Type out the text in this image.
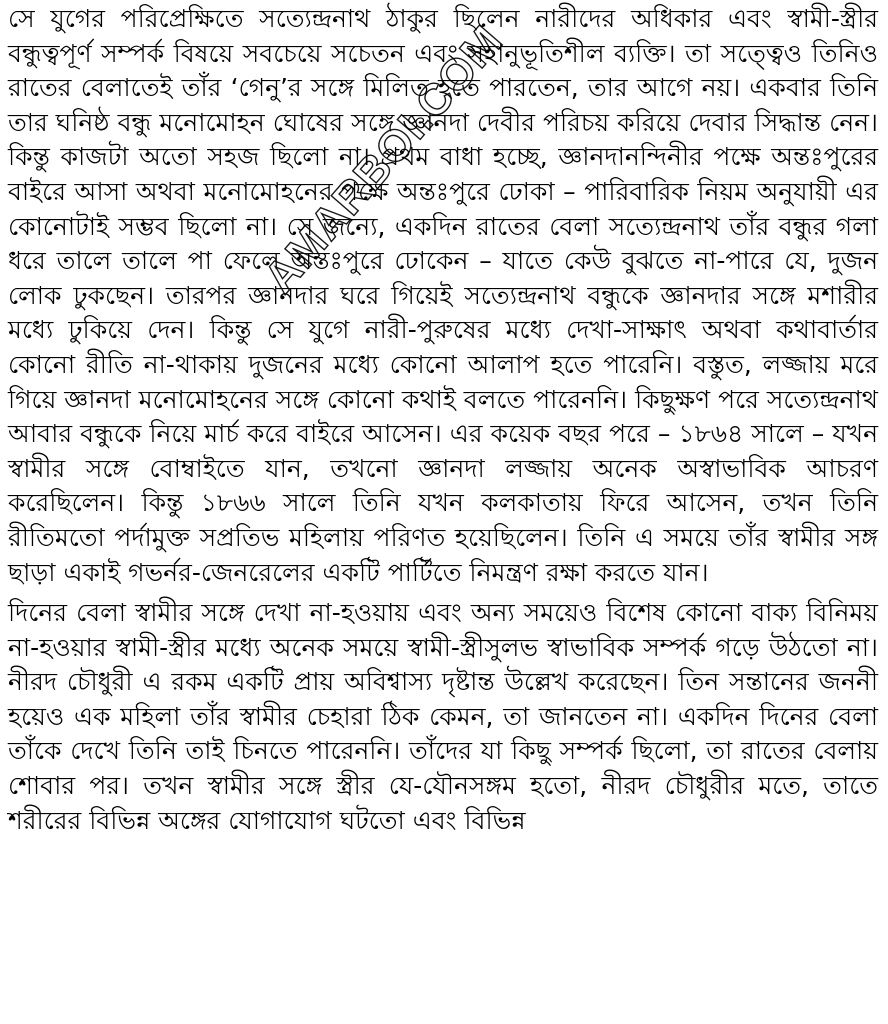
সে যুগের পরিপ্রেক্ষিতে সত্যেন্দ্রনাথ ঠাকুর ছিলেন নারীদের অধিকার এবং স্বামী-স্ত্রীর বন্ধুত্বপূর্ণ সম্পর্ক বিষয়ে সবচেয়ে সচেতন এবং সহানুভূতিশীল ব্যক্তি। তা সত্ত্বেও তিনিও রাতের বেলাতেই তাঁর ‘গেনু’র সঙ্গে মিলিত হতে পারতেন, তার আগে নয়। একবার তিনি তার ঘনিষ্ঠ বন্ধু মনোমোহন ঘোষের সঙ্গে জ্ঞানদা দেবীর পরিচয় করিয়ে দেবার সিদ্ধান্ত নেন। কিন্তু কাজটা অতো সহজ ছিলো না। প্রথম বাধা হচ্ছে, জ্ঞানদানন্দিনীর পক্ষে অন্তঃপুরের বাইরে আসা অথবা মনোমোহনের পক্ষে অন্তঃপুরে ঢোকা – পারিবারিক নিয়ম অনুযায়ী এর কোনোটাই সম্ভব ছিলো না। সে জন্যে, একদিন রাতের বেলা সত্যেন্দ্রনাথ তাঁর বন্ধুর গলা ধরে তালে তালে পা ফেলে অন্তঃপুরে ঢোকেন – যাতে কেউ বুঝতে না-পারে যে, দুজন লোক ঢুকছেন। তারপর জ্ঞানদার ঘরে গিয়েই সত্যেন্দ্রনাথ বন্ধুকে জ্ঞানদার সঙ্গে মশারীর মধ্যে ঢুকিয়ে দেন। কিন্তু সে যুগে নারী-পুরুষের মধ্যে দেখা-সাক্ষাৎ অথবা কথাবার্তার কোনো রীতি না-থাকায় দুজনের মধ্যে কোনো আলাপ হতে পারেনি। বস্তুত, লজ্জায় মরে গিয়ে জ্ঞানদা মনোমোহনের সঙ্গে কোনো কথাই বলতে পারেননি। কিছুক্ষণ পরে সত্যেন্দ্রনাথ আবার বন্ধুকে নিয়ে মার্চ করে বাইরে আসেন। এর কয়েক বছর পরে – ১৮৬৪ সালে – যখন স্বামীর সঙ্গে বোম্বাইতে যান, তখনো জ্ঞানদা লজ্জায় অনেক অস্বাভাবিক আচরণ করেছিলেন। কিন্তু ১৮৬৬ সালে তিনি যখন কলকাতায় ফিরে আসেন, তখন তিনি রীতিমতো পর্দামুক্ত সপ্রতিভ মহিলায় পরিণত হয়েছিলেন। তিনি এ সময়ে তাঁর স্বামীর সঙ্গ ছাড়া একাই গভর্নর-জেনরেলের একটি পার্টিতে নিমন্ত্রণ রক্ষা করতে যান।

দিনের বেলা স্বামীর সঙ্গে দেখা না-হওয়ায় এবং অন্য সময়েও বিশেষ কোনো বাক্য বিনিময় না-হওয়ার স্বামী-স্ত্রীর মধ্যে অনেক সময়ে স্বামী-স্ত্রীসুলভ স্বাভাবিক সম্পর্ক গড়ে উঠতো না। নীরদ চৌধুরী এ রকম একটি প্রায় অবিশ্বাস্য দৃষ্টান্ত উল্লেখ করেছেন। তিন সন্তানের জননী হয়েও এক মহিলা তাঁর স্বামীর চেহারা ঠিক কেমন, তা জানতেন না। একদিন দিনের বেলা তাঁকে দেখে তিনি তাই চিনতে পারেননি। তাঁদের যা কিছু সম্পর্ক ছিলো, তা রাতের বেলায় শোবার পর। তখন স্বামীর সঙ্গে স্ত্রীর যে-যৌনসঙ্গম হতো, নীরদ চৌধুরীর মতে, তাতে শরীরের বিভিন্ন অঙ্গের যোগাযোগ ঘটতো এবং বিভিন্ন

AMARBOI.COM
